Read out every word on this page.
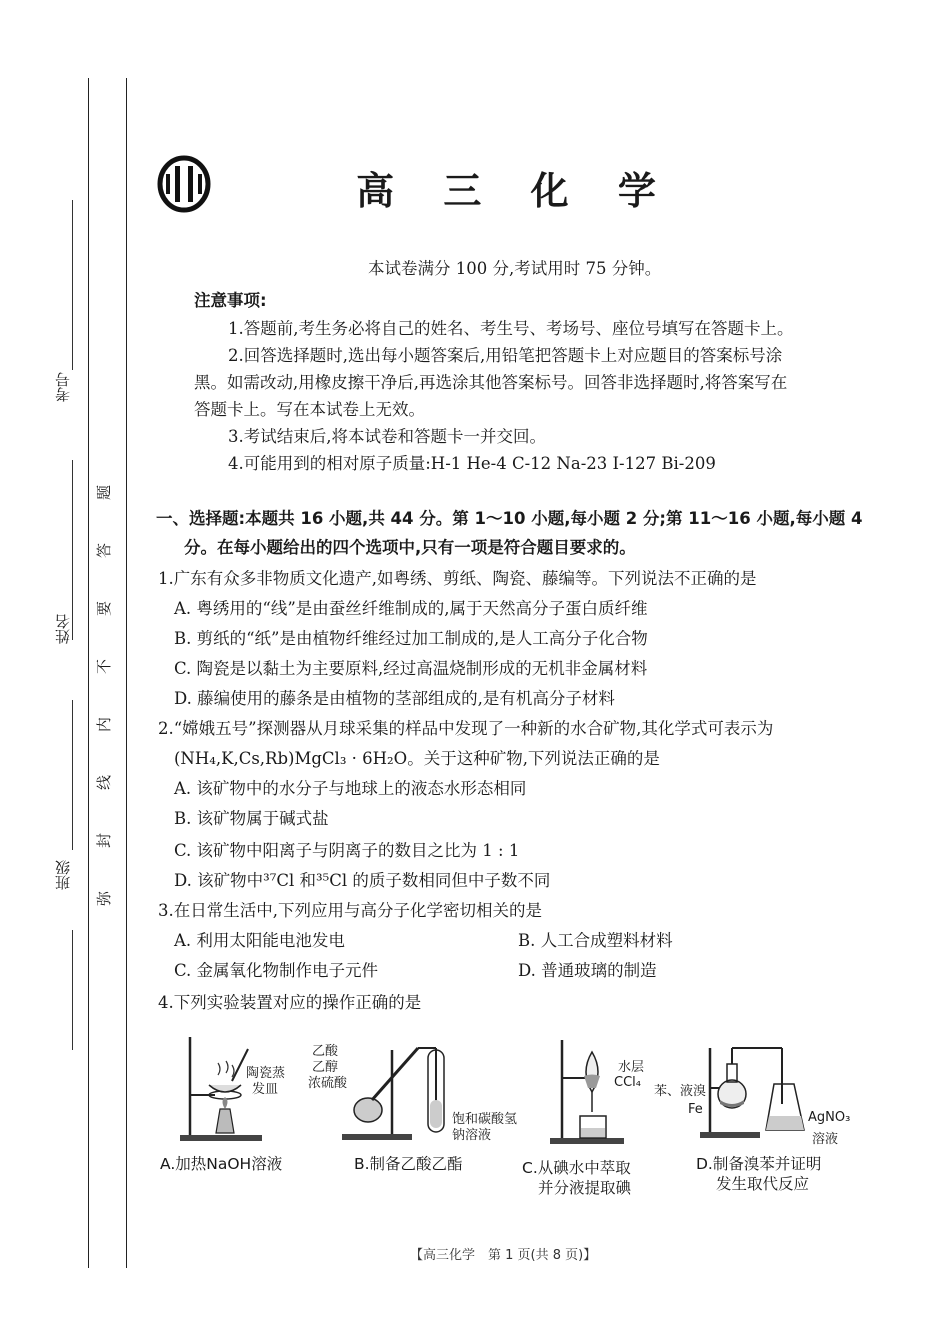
考号
姓名
班级
题
答
要
不
内
线
封
弥
高 三 化 学
本试卷满分 100 分,考试用时 75 分钟。
注意事项:
1.答题前,考生务必将自己的姓名、考生号、考场号、座位号填写在答题卡上。
2.回答选择题时,选出每小题答案后,用铅笔把答题卡上对应题目的答案标号涂
黑。如需改动,用橡皮擦干净后,再选涂其他答案标号。回答非选择题时,将答案写在
答题卡上。写在本试卷上无效。
3.考试结束后,将本试卷和答题卡一并交回。
4.可能用到的相对原子质量:H-1 He-4 C-12 Na-23 I-127 Bi-209
一、选择题:本题共 16 小题,共 44 分。第 1～10 小题,每小题 2 分;第 11～16 小题,每小题 4
分。在每小题给出的四个选项中,只有一项是符合题目要求的。
1.广东有众多非物质文化遗产,如粤绣、剪纸、陶瓷、藤编等。下列说法不正确的是
A. 粤绣用的“线”是由蚕丝纤维制成的,属于天然高分子蛋白质纤维
B. 剪纸的“纸”是由植物纤维经过加工制成的,是人工高分子化合物
C. 陶瓷是以黏土为主要原料,经过高温烧制形成的无机非金属材料
D. 藤编使用的藤条是由植物的茎部组成的,是有机高分子材料
2.“嫦娥五号”探测器从月球采集的样品中发现了一种新的水合矿物,其化学式可表示为
(NH₄,K,Cs,Rb)MgCl₃ · 6H₂O。关于这种矿物,下列说法正确的是
A. 该矿物中的水分子与地球上的液态水形态相同
B. 该矿物属于碱式盐
C. 该矿物中阳离子与阴离子的数目之比为 1 : 1
D. 该矿物中³⁷Cl 和³⁵Cl 的质子数相同但中子数不同
3.在日常生活中,下列应用与高分子化学密切相关的是
A. 利用太阳能电池发电	B. 人工合成塑料材料
C. 金属氧化物制作电子元件	D. 普通玻璃的制造
4.下列实验装置对应的操作正确的是
陶瓷蒸
发皿
乙酸
乙醇
浓硫酸
饱和碳酸氢
钠溶液
水层
CCl₄
苯、液溴
Fe
AgNO₃
溶液
A.加热NaOH溶液	B.制备乙酸乙酯	C.从碘水中萃取
并分液提取碘
D.制备溴苯并证明
发生取代反应
【高三化学　第 1 页(共 8 页)】
